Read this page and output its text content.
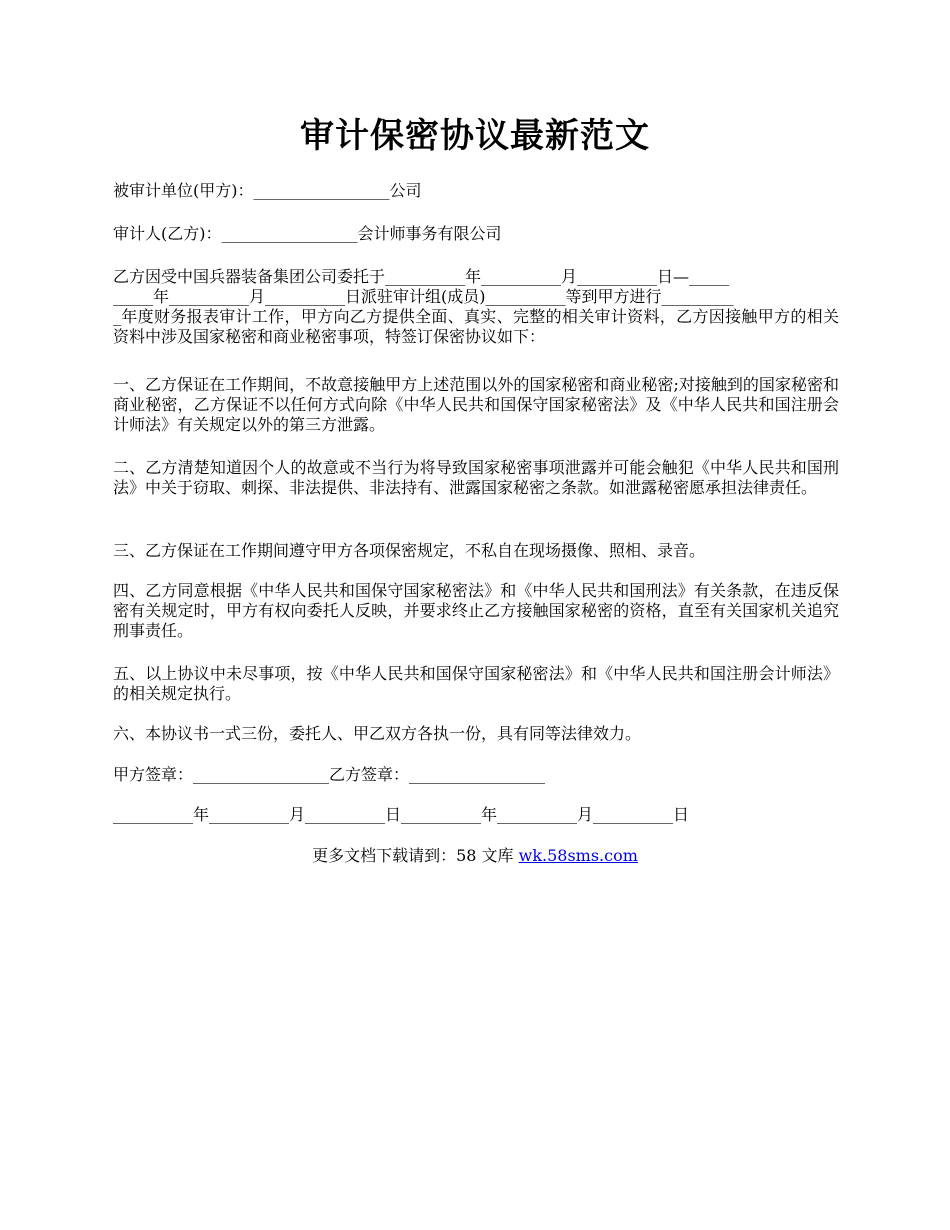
审计保密协议最新范文

被审计单位(甲方)：_________________公司

审计人(乙方)：_________________会计师事务有限公司

乙方因受中国兵器装备集团公司委托于__________年__________月__________日—_____

_____年__________月__________日派驻审计组(成员)__________等到甲方进行_________

_年度财务报表审计工作，甲方向乙方提供全面、真实、完整的相关审计资料，乙方因接触甲方的相关资料中涉及国家秘密和商业秘密事项，特签订保密协议如下：

一、乙方保证在工作期间，不故意接触甲方上述范围以外的国家秘密和商业秘密;对接触到的国家秘密和商业秘密，乙方保证不以任何方式向除《中华人民共和国保守国家秘密法》及《中华人民共和国注册会计师法》有关规定以外的第三方泄露。

二、乙方清楚知道因个人的故意或不当行为将导致国家秘密事项泄露并可能会触犯《中华人民共和国刑法》中关于窃取、刺探、非法提供、非法持有、泄露国家秘密之条款。如泄露秘密愿承担法律责任。

三、乙方保证在工作期间遵守甲方各项保密规定，不私自在现场摄像、照相、录音。

四、乙方同意根据《中华人民共和国保守国家秘密法》和《中华人民共和国刑法》有关条款，在违反保密有关规定时，甲方有权向委托人反映，并要求终止乙方接触国家秘密的资格，直至有关国家机关追究刑事责任。

五、以上协议中未尽事项，按《中华人民共和国保守国家秘密法》和《中华人民共和国注册会计师法》的相关规定执行。

六、本协议书一式三份，委托人、甲乙双方各执一份，具有同等法律效力。

甲方签章：_________________乙方签章：_________________

__________年__________月__________日__________年__________月__________日

更多文档下载请到：58 文库 wk.58sms.com
